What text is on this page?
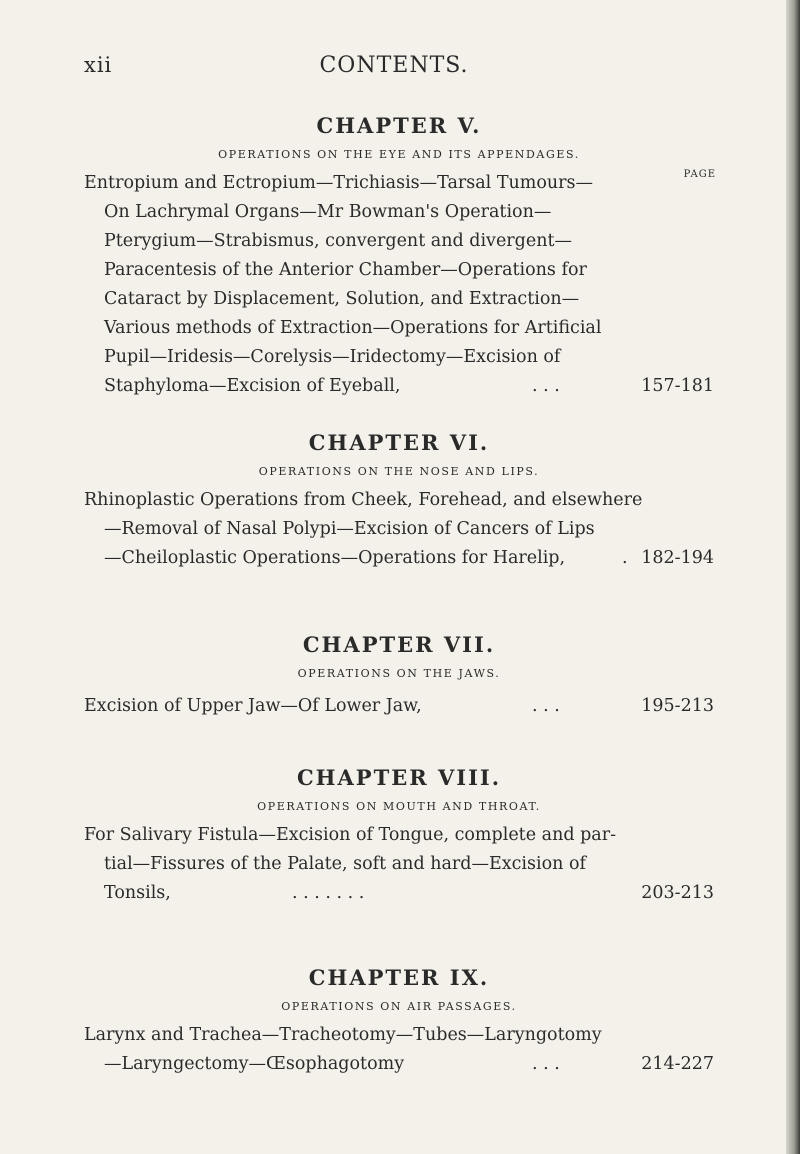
xii	CONTENTS.
CHAPTER V.

OPERATIONS ON THE EYE AND ITS APPENDAGES.

PAGE
Entropium and Ectropium—Trichiasis—Tarsal Tumours—
On Lachrymal Organs—Mr Bowman's Operation—
Pterygium—Strabismus, convergent and divergent—
Paracentesis of the Anterior Chamber—Operations for
Cataract by Displacement, Solution, and Extraction—
Various methods of Extraction—Operations for Artificial
Pupil—Iridesis—Corelysis—Iridectomy—Excision of
Staphyloma—Excision of Eyeball,	. . .	157-181
CHAPTER VI.

OPERATIONS ON THE NOSE AND LIPS.

Rhinoplastic Operations from Cheek, Forehead, and elsewhere
—Removal of Nasal Polypi—Excision of Cancers of Lips
—Cheiloplastic Operations—Operations for Harelip,	. 182-194
CHAPTER VII.

OPERATIONS ON THE JAWS.

Excision of Upper Jaw—Of Lower Jaw,	. . .	195-213
CHAPTER VIII.

OPERATIONS ON MOUTH AND THROAT.

For Salivary Fistula—Excision of Tongue, complete and par-
tial—Fissures of the Palate, soft and hard—Excision of
Tonsils,	. . . . . . .	203-213
CHAPTER IX.

OPERATIONS ON AIR PASSAGES.

Larynx and Trachea—Tracheotomy—Tubes—Laryngotomy
—Laryngectomy—Œsophagotomy	. . .	214-227
